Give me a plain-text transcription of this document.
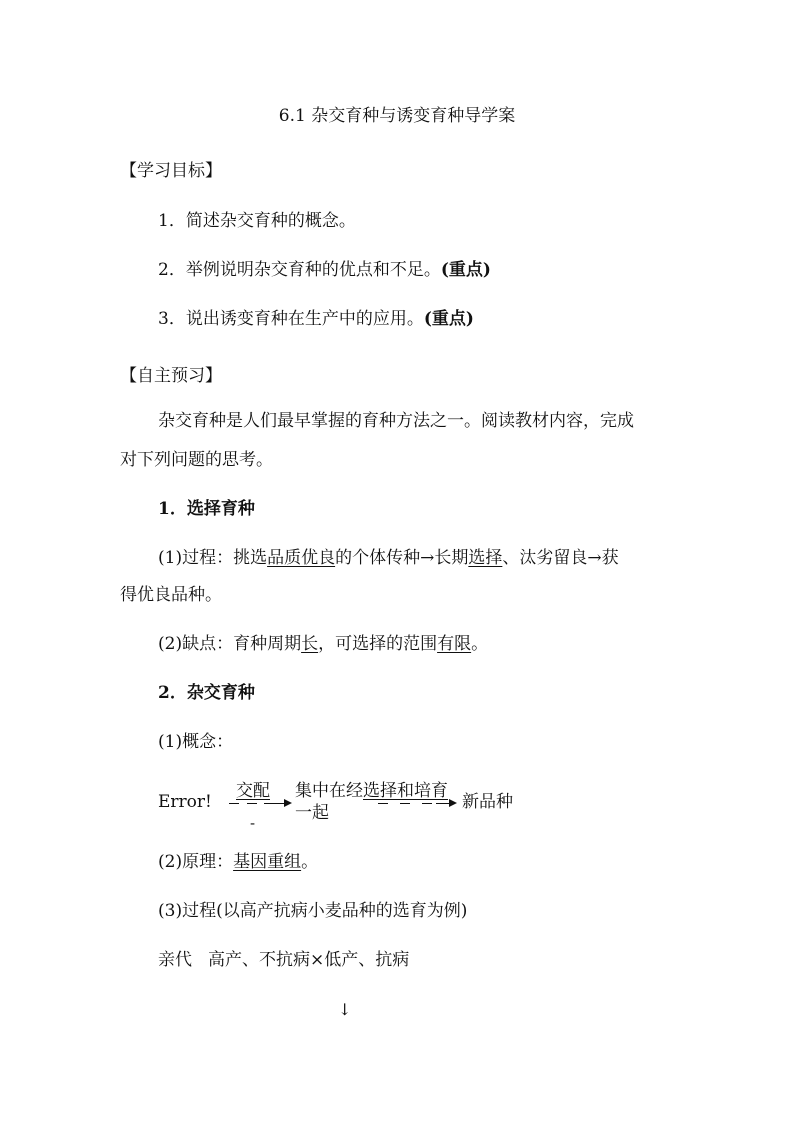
6.1 杂交育种与诱变育种导学案
【学习目标】
1．简述杂交育种的概念。
2．举例说明杂交育种的优点和不足。(重点)
3．说出诱变育种在生产中的应用。(重点)
【自主预习】
杂交育种是人们最早掌握的育种方法之一。阅读教材内容，完成
对下列问题的思考。
1．选择育种
(1)过程：挑选品质优良的个体传种→长期选择、汰劣留良→获
得优良品种。
(2)缺点：育种周期长，可选择的范围有限。
2．杂交育种
(1)概念：
Error!
交配
-
集中在经选择和培育
一起
新品种
(2)原理：基因重组。
(3)过程(以高产抗病小麦品种的选育为例)
亲代 高产、不抗病×低产、抗病
↓
